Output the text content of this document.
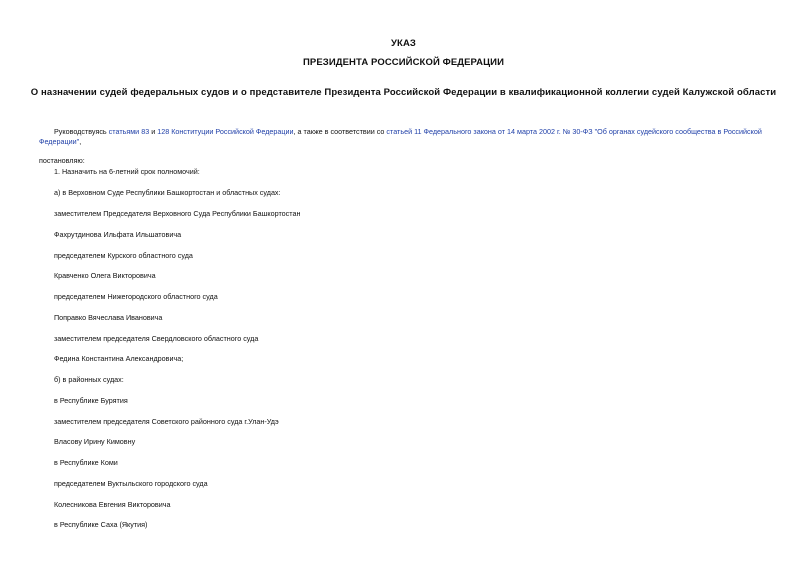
УКАЗ
ПРЕЗИДЕНТА РОССИЙСКОЙ ФЕДЕРАЦИИ
О назначении судей федеральных судов и о представителе Президента Российской Федерации в квалификационной коллегии судей Калужской области
Руководствуясь статьями 83 и 128 Конституции Российской Федерации, а также в соответствии со статьей 11 Федерального закона от 14 марта 2002 г. № 30-ФЗ "Об органах судейского сообщества в Российской Федерации",
постановляю:
1. Назначить на 6-летний срок полномочий:
а) в Верховном Суде Республики Башкортостан и областных судах:
заместителем Председателя Верховного Суда Республики Башкортостан
Фахрутдинова Ильфата Ильшатовича
председателем Курского областного суда
Кравченко Олега Викторовича
председателем Нижегородского областного суда
Поправко Вячеслава Ивановича
заместителем председателя Свердловского областного суда
Федина Константина Александровича;
б) в районных судах:
в Республике Бурятия
заместителем председателя Советского районного суда г.Улан-Удэ
Власову Ирину Кимовну
в Республике Коми
председателем Вуктыльского городского суда
Колесникова Евгения Викторовича
в Республике Саха (Якутия)
